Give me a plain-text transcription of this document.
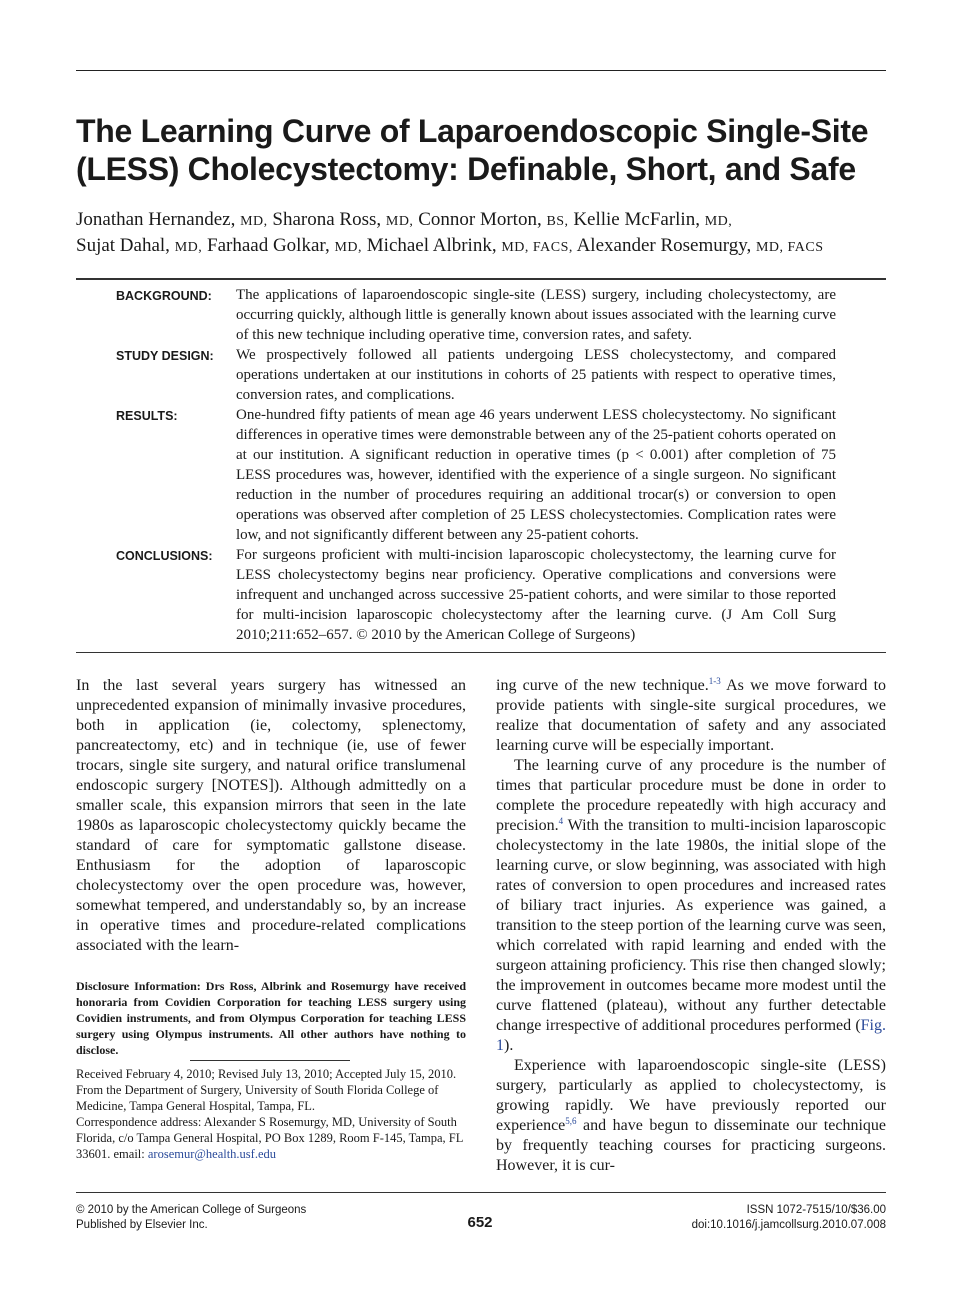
The Learning Curve of Laparoendoscopic Single-Site (LESS) Cholecystectomy: Definable, Short, and Safe
Jonathan Hernandez, MD, Sharona Ross, MD, Connor Morton, BS, Kellie McFarlin, MD,
Sujat Dahal, MD, Farhaad Golkar, MD, Michael Albrink, MD, FACS, Alexander Rosemurgy, MD, FACS
BACKGROUND: The applications of laparoendoscopic single-site (LESS) surgery, including cholecystectomy, are occurring quickly, although little is generally known about issues associated with the learning curve of this new technique including operative time, conversion rates, and safety.

STUDY DESIGN: We prospectively followed all patients undergoing LESS cholecystectomy, and compared operations undertaken at our institutions in cohorts of 25 patients with respect to operative times, conversion rates, and complications.

RESULTS:	One-hundred fifty patients of mean age 46 years underwent LESS cholecystectomy. No significant differences in operative times were demonstrable between any of the 25-patient cohorts operated on at our institution. A significant reduction in operative times (p < 0.001) after completion of 75 LESS procedures was, however, identified with the experience of a single surgeon. No significant reduction in the number of procedures requiring an additional trocar(s) or conversion to open operations was observed after completion of 25 LESS cholecystectomies. Complication rates were low, and not significantly different between any 25-patient cohorts.

CONCLUSIONS: For surgeons proficient with multi-incision laparoscopic cholecystectomy, the learning curve for LESS cholecystectomy begins near proficiency. Operative complications and conversions were infrequent and unchanged across successive 25-patient cohorts, and were similar to those reported for multi-incision laparoscopic cholecystectomy after the learning curve. (J Am Coll Surg 2010;211:652–657. © 2010 by the American College of Surgeons)

In the last several years surgery has witnessed an unprecedented expansion of minimally invasive procedures, both in application (ie, colectomy, splenectomy, pancreatectomy, etc) and in technique (ie, use of fewer trocars, single site surgery, and natural orifice translumenal endoscopic surgery [NOTES]). Although admittedly on a smaller scale, this expansion mirrors that seen in the late 1980s as laparoscopic cholecystectomy quickly became the standard of care for symptomatic gallstone disease. Enthusiasm for the adoption of laparoscopic cholecystectomy over the open procedure was, however, somewhat tempered, and understandably so, by an increase in operative times and procedure-related complications associated with the learn-

ing curve of the new technique.$^{1-3}$ As we move forward to provide patients with single-site surgical procedures, we realize that documentation of safety and any associated learning curve will be especially important.

The learning curve of any procedure is the number of times that particular procedure must be done in order to complete the procedure repeatedly with high accuracy and precision.$^4$ With the transition to multi-incision laparoscopic cholecystectomy in the late 1980s, the initial slope of the learning curve, or slow beginning, was associated with high rates of conversion to open procedures and increased rates of biliary tract injuries. As experience was gained, a transition to the steep portion of the learning curve was seen, which correlated with rapid learning and ended with the surgeon attaining proficiency. This rise then changed slowly; the improvement in outcomes became more modest until the curve flattened (plateau), without any further detectable change irrespective of additional procedures performed (Fig. 1).

Experience with laparoendoscopic single-site (LESS) surgery, particularly as applied to cholecystectomy, is growing rapidly. We have previously reported our experience$^{5,6}$ and have begun to disseminate our technique by frequently teaching courses for practicing surgeons. However, it is cur-

Disclosure Information: Drs Ross, Albrink and Rosemurgy have received honoraria from Covidien Corporation for teaching LESS surgery using Covidien instruments, and from Olympus Corporation for teaching LESS surgery using Olympus instruments. All other authors have nothing to disclose.

Received February 4, 2010; Revised July 13, 2010; Accepted July 15, 2010.

From the Department of Surgery, University of South Florida College of Medicine, Tampa General Hospital, Tampa, FL.

Correspondence address: Alexander S Rosemurgy, MD, University of South Florida, c/o Tampa General Hospital, PO Box 1289, Room F-145, Tampa, FL 33601. email: arosemur@health.usf.edu

© 2010 by the American College of Surgeons
Published by Elsevier Inc.	652
ISSN 1072-7515/10/$36.00
doi:10.1016/j.jamcollsurg.2010.07.008
